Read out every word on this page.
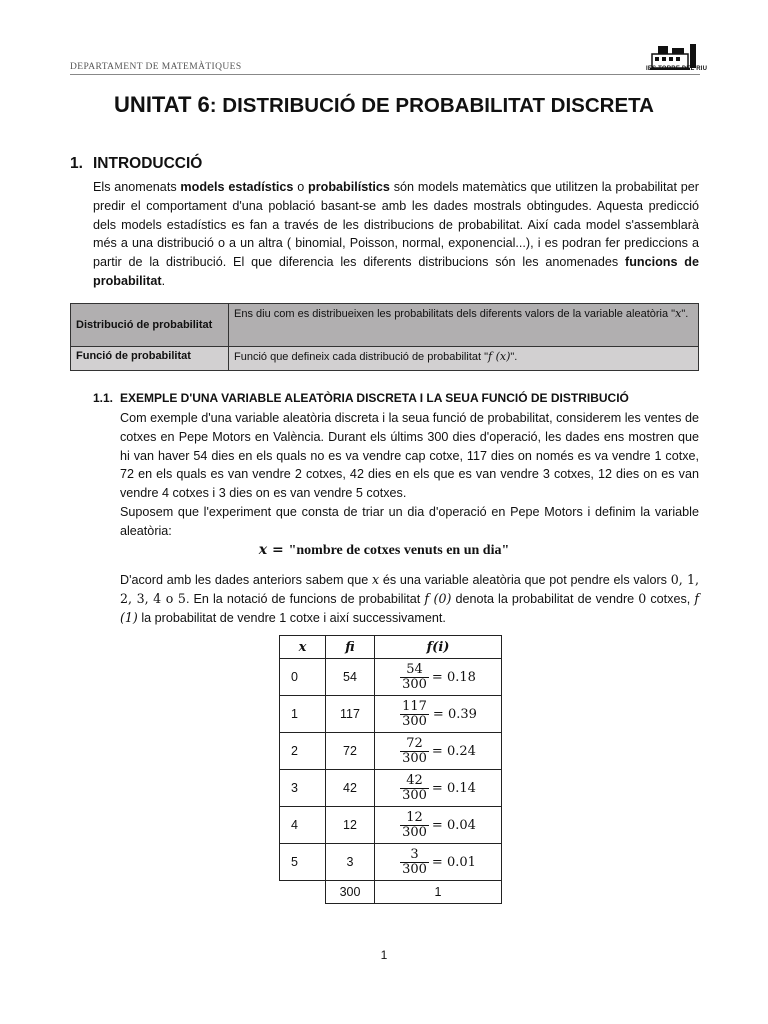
DEPARTAMENT DE MATEMÀTIQUES	IES TORRE DEL RIU
UNITAT 6: DISTRIBUCIÓ DE PROBABILITAT DISCRETA
1. INTRODUCCIÓ
Els anomenats models estadístics o probabilístics són models matemàtics que utilitzen la probabilitat per predir el comportament d'una població basant-se amb les dades mostrals obtingudes. Aquesta predicció dels models estadístics es fan a través de les distribucions de probabilitat. Així cada model s'assemblarà més a una distribució o a un altra ( binomial, Poisson, normal, exponencial...), i es podran fer prediccions a partir de la distribució. El que diferencia les diferents distribucions són les anomenades funcions de probabilitat.
Distribució de probabilitat	Ens diu com es distribueixen les probabilitats dels diferents valors de la variable aleatòria "x".
Funció de probabilitat	Funció que defineix cada distribució de probabilitat "f (x)".
1.1. EXEMPLE D'UNA VARIABLE ALEATÒRIA DISCRETA I LA SEUA FUNCIÓ DE DISTRIBUCIÓ
Com exemple d'una variable aleatòria discreta i la seua funció de probabilitat, considerem les ventes de cotxes en Pepe Motors en València. Durant els últims 300 dies d'operació, les dades ens mostren que hi van haver 54 dies en els quals no es va vendre cap cotxe, 117 dies on només es va vendre 1 cotxe, 72 en els quals es van vendre 2 cotxes, 42 dies en els que es van vendre 3 cotxes, 12 dies on es van vendre 4 cotxes i 3 dies on es van vendre 5 cotxes.
Suposem que l'experiment que consta de triar un dia d'operació en Pepe Motors i definim la variable aleatòria:
x = "nombre de cotxes venuts en un dia"
D'acord amb les dades anteriors sabem que x és una variable aleatòria que pot pendre els valors 0, 1, 2, 3, 4 o 5. En la notació de funcions de probabilitat f (0) denota la probabilitat de vendre 0 cotxes, f (1) la probabilitat de vendre 1 cotxe i així successivament.
x	fi	f(i)
0	54	$\frac{54}{300} = 0.18$

1	117	$\frac{117}{300} = 0.39$

2	72	$\frac{72}{300} = 0.24$

3	42	$\frac{42}{300} = 0.14$

4	12	$\frac{12}{300} = 0.04$

5	3	$\frac{3}{300} = 0.01$

	300	1
1
